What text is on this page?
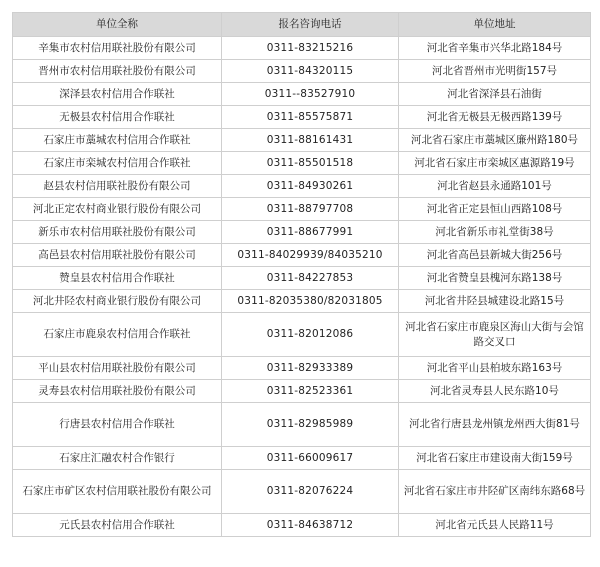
单位全称	报名咨询电话	单位地址
辛集市农村信用联社股份有限公司	0311-83215216	河北省辛集市兴华北路184号
晋州市农村信用联社股份有限公司	0311-84320115	河北省晋州市光明街157号
深泽县农村信用合作联社	0311--83527910	河北省深泽县石油街
无极县农村信用合作联社	0311-85575871	河北省无极县无极西路139号
石家庄市藁城农村信用合作联社	0311-88161431	河北省石家庄市藁城区廉州路180号
石家庄市栾城农村信用合作联社	0311-85501518	河北省石家庄市栾城区惠源路19号
赵县农村信用联社股份有限公司	0311-84930261	河北省赵县永通路101号
河北正定农村商业银行股份有限公司	0311-88797708	河北省正定县恒山西路108号
新乐市农村信用联社股份有限公司	0311-88677991	河北省新乐市礼堂街38号
高邑县农村信用联社股份有限公司	0311-84029939/84035210	河北省高邑县新城大街256号
赞皇县农村信用合作联社	0311-84227853	河北省赞皇县槐河东路138号
河北井陉农村商业银行股份有限公司	0311-82035380/82031805	河北省井陉县城建设北路15号
石家庄市鹿泉农村信用合作联社	0311-82012086	河北省石家庄市鹿泉区海山大街与会馆路交叉口
平山县农村信用联社股份有限公司	0311-82933389	河北省平山县柏坡东路163号
灵寿县农村信用联社股份有限公司	0311-82523361	河北省灵寿县人民东路10号
行唐县农村信用合作联社	0311-82985989	河北省行唐县龙州镇龙州西大街81号
石家庄汇融农村合作银行	0311-66009617	河北省石家庄市建设南大街159号
石家庄市矿区农村信用联社股份有限公司	0311-82076224	河北省石家庄市井陉矿区南纬东路68号
元氏县农村信用合作联社	0311-84638712	河北省元氏县人民路11号
